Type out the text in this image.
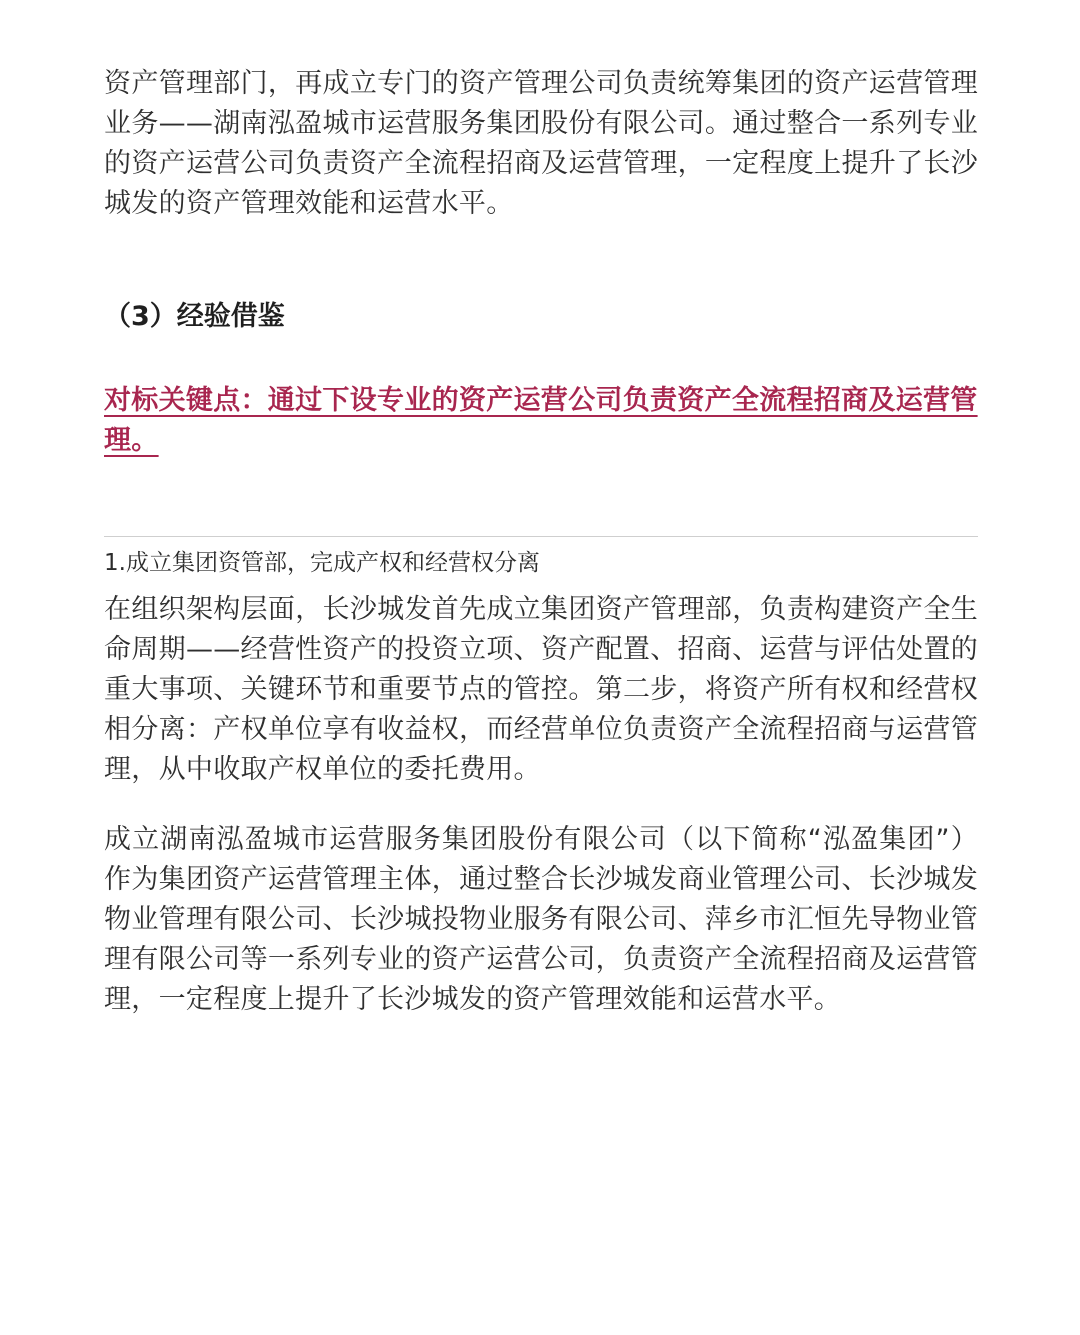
资产管理部门，再成立专门的资产管理公司负责统筹集团的资产运营管理业务——湖南泓盈城市运营服务集团股份有限公司。通过整合一系列专业的资产运营公司负责资产全流程招商及运营管理，一定程度上提升了长沙城发的资产管理效能和运营水平。

（3）经验借鉴

对标关键点：通过下设专业的资产运营公司负责资产全流程招商及运营管理。

1.成立集团资管部，完成产权和经营权分离

在组织架构层面，长沙城发首先成立集团资产管理部，负责构建资产全生命周期——经营性资产的投资立项、资产配置、招商、运营与评估处置的重大事项、关键环节和重要节点的管控。第二步，将资产所有权和经营权相分离：产权单位享有收益权，而经营单位负责资产全流程招商与运营管理，从中收取产权单位的委托费用。

成立湖南泓盈城市运营服务集团股份有限公司（以下简称“泓盈集团”）作为集团资产运营管理主体，通过整合长沙城发商业管理公司、长沙城发物业管理有限公司、长沙城投物业服务有限公司、萍乡市汇恒先导物业管理有限公司等一系列专业的资产运营公司，负责资产全流程招商及运营管理，一定程度上提升了长沙城发的资产管理效能和运营水平。
